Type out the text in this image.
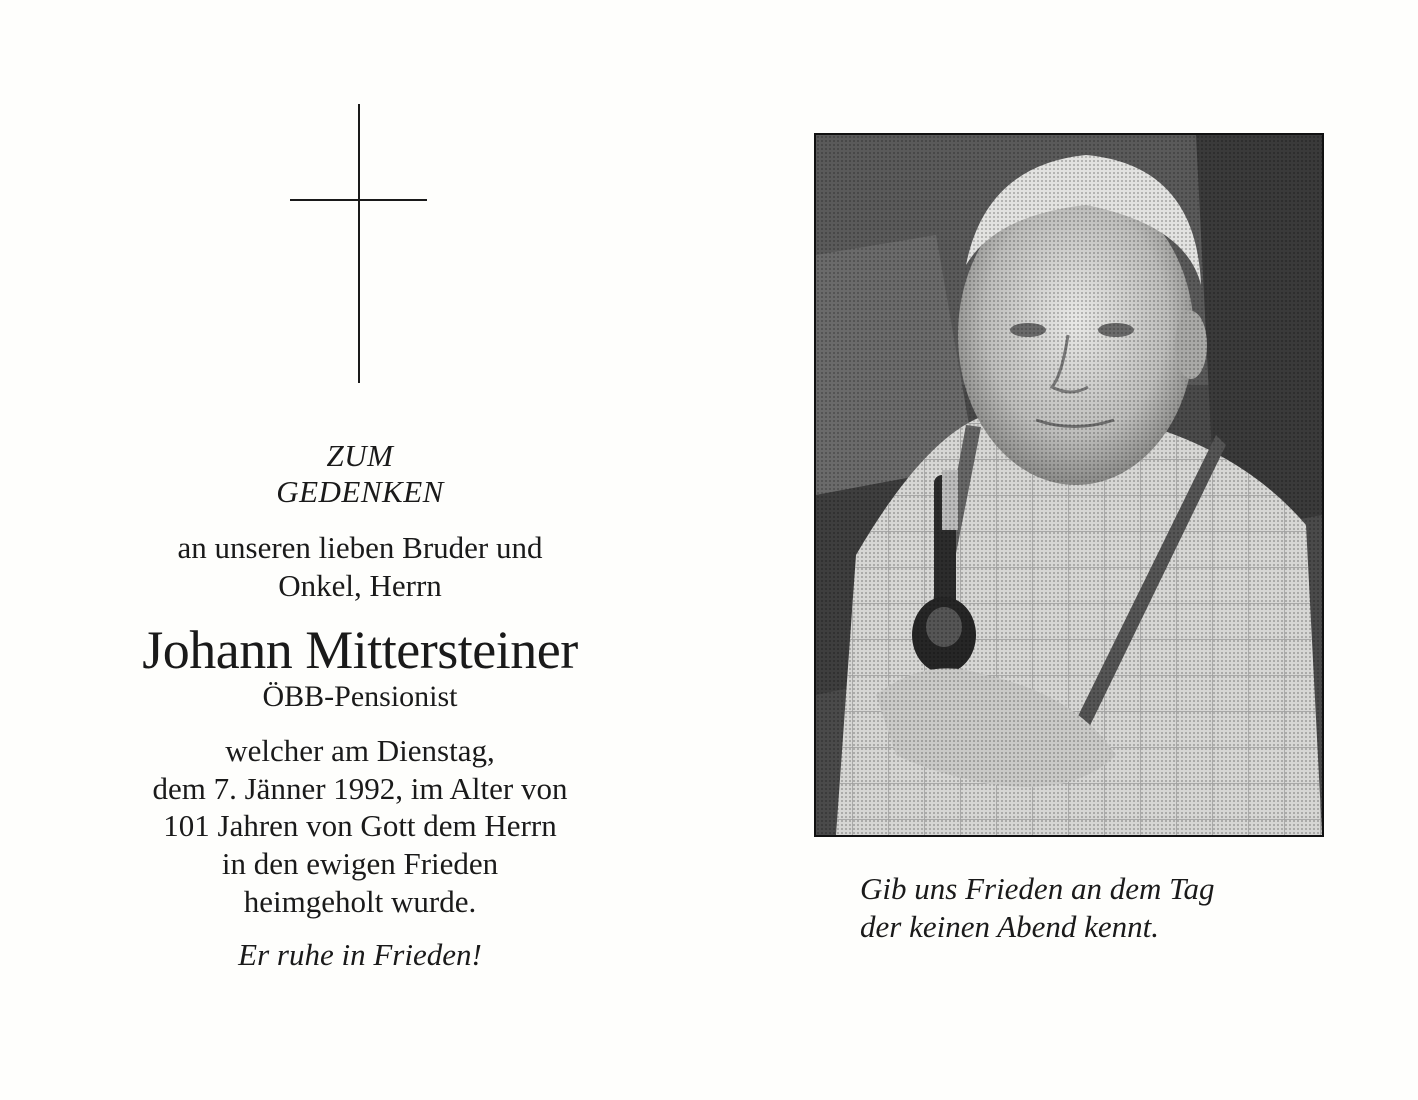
ZUM
GEDENKEN
an unseren lieben Bruder und
Onkel, Herrn
Johann Mittersteiner
ÖBB-Pensionist
welcher am Dienstag,
dem 7. Jänner 1992, im Alter von
101 Jahren von Gott dem Herrn
in den ewigen Frieden
heimgeholt wurde.
Er ruhe in Frieden!
Gib uns Frieden an dem Tag
der keinen Abend kennt.
